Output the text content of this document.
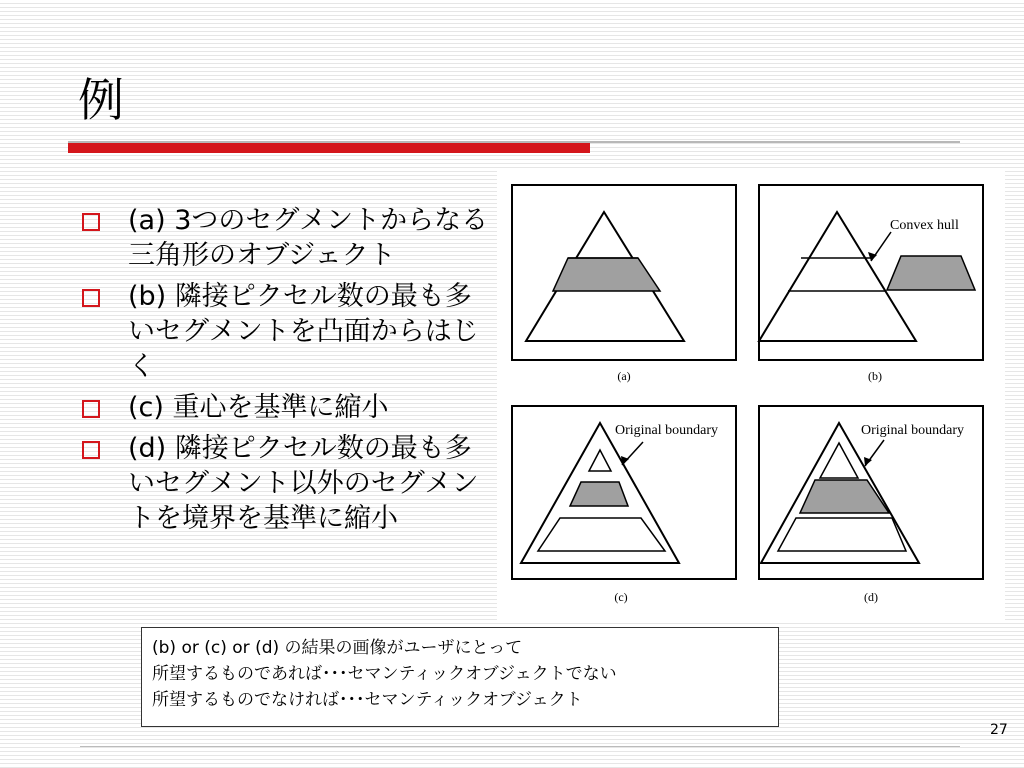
例
(a) 3つのセグメントからなる三角形のオブジェクト
(b) 隣接ピクセル数の最も多いセグメントを凸面からはじく
(c) 重心を基準に縮小
(d) 隣接ピクセル数の最も多いセグメント以外のセグメントを境界を基準に縮小
(a)
Convex hull
(b)
Original boundary
(c)
Original boundary
(d)
(b) or (c) or (d) の結果の画像がユーザにとって
所望するものであれば･･･セマンティックオブジェクトでない
所望するものでなければ･･･セマンティックオブジェクト
27
